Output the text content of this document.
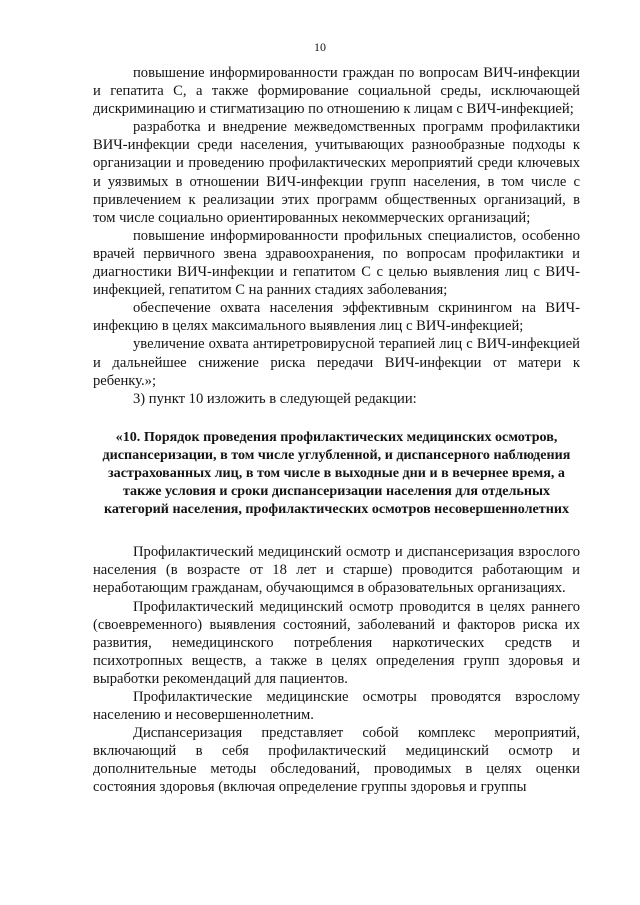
10

повышение информированности граждан по вопросам ВИЧ-инфекции и гепатита С, а также формирование социальной среды, исключающей дискриминацию и стигматизацию по отношению к лицам с ВИЧ-инфекцией;

разработка и внедрение межведомственных программ профилактики ВИЧ-инфекции среди населения, учитывающих разнообразные подходы к организации и проведению профилактических мероприятий среди ключевых и уязвимых в отношении ВИЧ-инфекции групп населения, в том числе с привлечением к реализации этих программ общественных организаций, в том числе социально ориентированных некоммерческих организаций;

повышение информированности профильных специалистов, особенно врачей первичного звена здравоохранения, по вопросам профилактики и диагностики ВИЧ-инфекции и гепатитом С с целью выявления лиц с ВИЧ-инфекцией, гепатитом С на ранних стадиях заболевания;

обеспечение охвата населения эффективным скринингом на ВИЧ-инфекцию в целях максимального выявления лиц с ВИЧ-инфекцией;

увеличение охвата антиретровирусной терапией лиц с ВИЧ-инфекцией и дальнейшее снижение риска передачи ВИЧ-инфекции от матери к ребенку.»;

3) пункт 10 изложить в следующей редакции:

«10. Порядок проведения профилактических медицинских осмотров, диспансеризации, в том числе углубленной, и диспансерного наблюдения застрахованных лиц, в том числе в выходные дни и в вечернее время, а также условия и сроки диспансеризации населения для отдельных категорий населения, профилактических осмотров несовершеннолетних

Профилактический медицинский осмотр и диспансеризация взрослого населения (в возрасте от 18 лет и старше) проводится работающим и неработающим гражданам, обучающимся в образовательных организациях.

Профилактический медицинский осмотр проводится в целях раннего (своевременного) выявления состояний, заболеваний и факторов риска их развития, немедицинского потребления наркотических средств и психотропных веществ, а также в целях определения групп здоровья и выработки рекомендаций для пациентов.

Профилактические медицинские осмотры проводятся взрослому населению и несовершеннолетним.

Диспансеризация представляет собой комплекс мероприятий, включающий в себя профилактический медицинский осмотр и дополнительные методы обследований, проводимых в целях оценки состояния здоровья (включая определение группы здоровья и группы
